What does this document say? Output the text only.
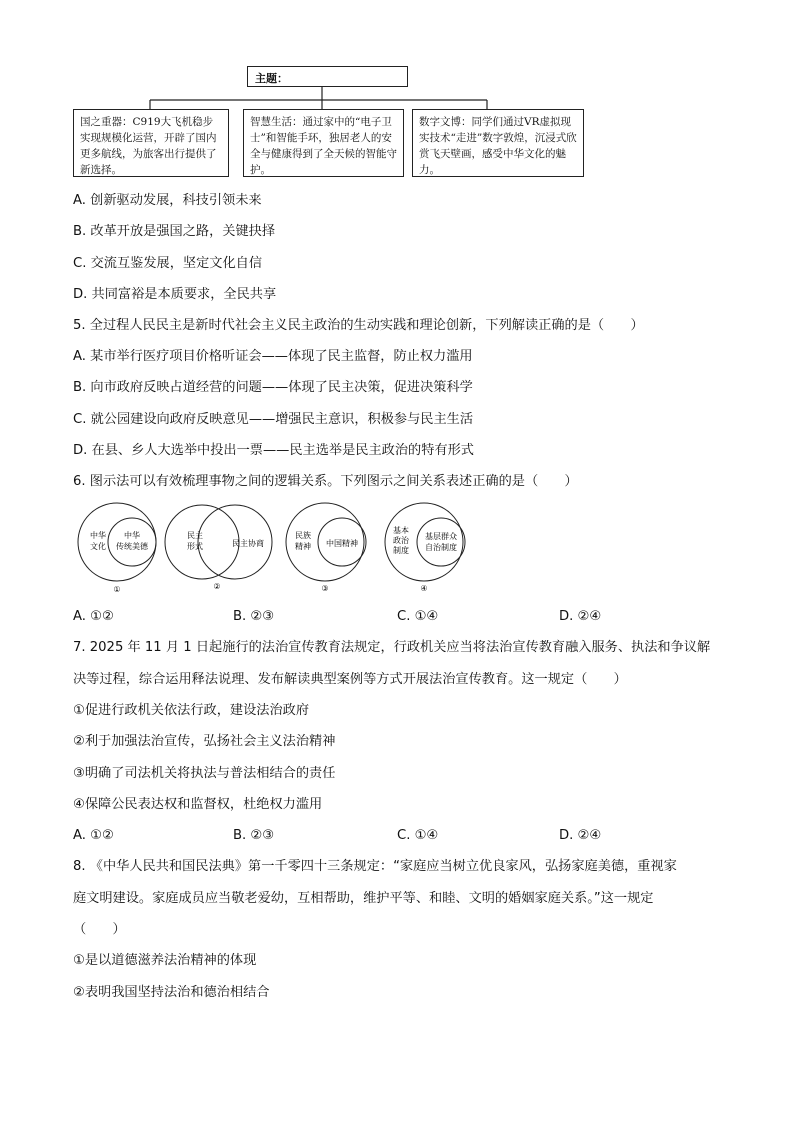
主题：
国之重器：C919大飞机稳步实现规模化运营，开辟了国内更多航线，为旅客出行提供了新选择。
智慧生活：通过家中的“电子卫士”和智能手环，独居老人的安全与健康得到了全天候的智能守护。
数字文博：同学们通过VR虚拟现实技术“走进”数字敦煌，沉浸式欣赏飞天壁画，感受中华文化的魅力。
A. 创新驱动发展，科技引领未来
B. 改革开放是强国之路，关键抉择
C. 交流互鉴发展，坚定文化自信
D. 共同富裕是本质要求，全民共享
5. 全过程人民民主是新时代社会主义民主政治的生动实践和理论创新，下列解读正确的是（　　）
A. 某市举行医疗项目价格听证会——体现了民主监督，防止权力滥用
B. 向市政府反映占道经营的问题——体现了民主决策，促进决策科学
C. 就公园建设向政府反映意见——增强民主意识，积极参与民主生活
D. 在县、乡人大选举中投出一票——民主选举是民主政治的特有形式
6. 图示法可以有效梳理事物之间的逻辑关系。下列图示之间关系表述正确的是（　　）
中华文化
中华传统美德
①
民主形式	民主协商
②
民族精神 中国精神
③
基本政治制度
基层群众自治制度
④
A. ①②	B. ②③	C. ①④	D. ②④
7. 2025 年 11 月 1 日起施行的法治宣传教育法规定，行政机关应当将法治宣传教育融入服务、执法和争议解
决等过程，综合运用释法说理、发布解读典型案例等方式开展法治宣传教育。这一规定（　　）
①促进行政机关依法行政，建设法治政府
②利于加强法治宣传，弘扬社会主义法治精神
③明确了司法机关将执法与普法相结合的责任
④保障公民表达权和监督权，杜绝权力滥用
A. ①②	B. ②③	C. ①④	D. ②④
8. 《中华人民共和国民法典》第一千零四十三条规定：“家庭应当树立优良家风，弘扬家庭美德，重视家
庭文明建设。家庭成员应当敬老爱幼，互相帮助，维护平等、和睦、文明的婚姻家庭关系。”这一规定
（　　）
①是以道德滋养法治精神的体现
②表明我国坚持法治和德治相结合
